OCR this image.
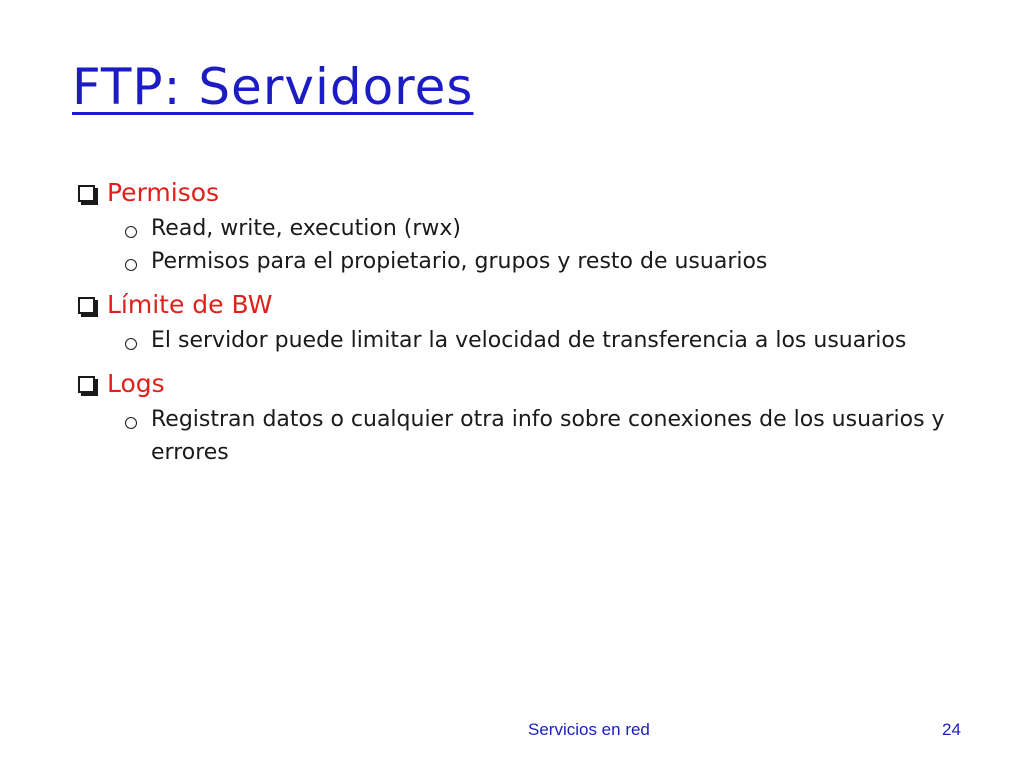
FTP: Servidores
Permisos
Read, write, execution (rwx)
Permisos para el propietario, grupos y resto de usuarios
Límite de BW
El servidor puede limitar la velocidad de transferencia a los usuarios
Logs
Registran datos o cualquier otra info sobre conexiones de los usuarios y errores
Servicios en red	24
